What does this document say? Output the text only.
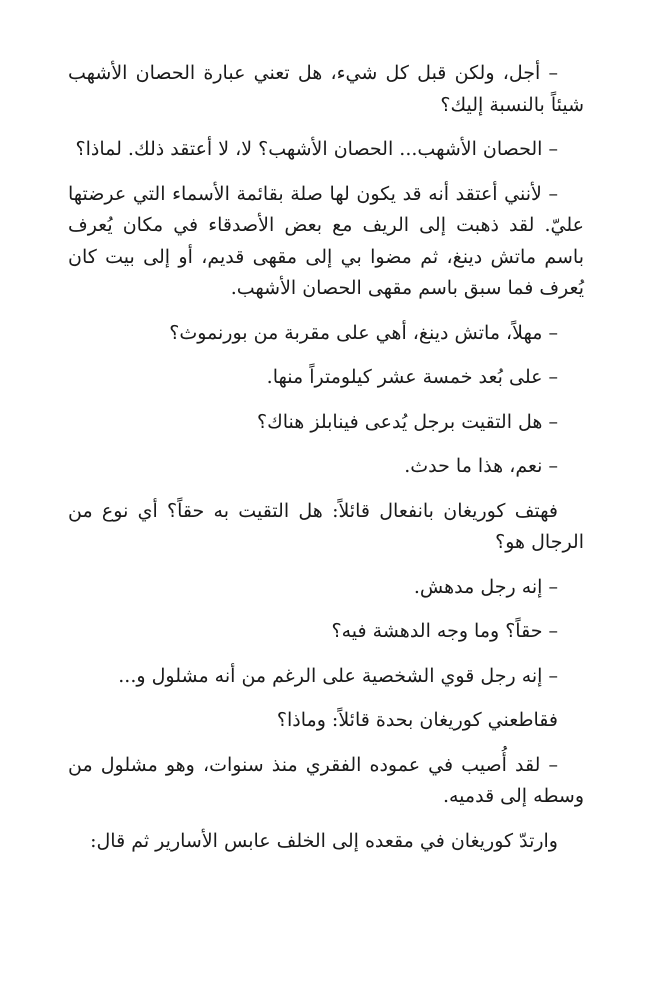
– أجل، ولكن قبل كل شيء، هل تعني عبارة الحصان الأشهب شيئاً بالنسبة إليك؟

– الحصان الأشهب... الحصان الأشهب؟ لا، لا أعتقد ذلك. لماذا؟

– لأنني أعتقد أنه قد يكون لها صلة بقائمة الأسماء التي عرضتها عليّ. لقد ذهبت إلى الريف مع بعض الأصدقاء في مكان يُعرف باسم ماتش دينغ، ثم مضوا بي إلى مقهى قديم، أو إلى بيت كان يُعرف فما سبق باسم مقهى الحصان الأشهب.

– مهلاً، ماتش دينغ، أهي على مقربة من بورنموث؟

– على بُعد خمسة عشر كيلومتراً منها.

– هل التقيت برجل يُدعى فينابلز هناك؟

– نعم، هذا ما حدث.

فهتف كوريغان بانفعال قائلاً: هل التقيت به حقاً؟ أي نوع من الرجال هو؟

– إنه رجل مدهش.

– حقاً؟ وما وجه الدهشة فيه؟

– إنه رجل قوي الشخصية على الرغم من أنه مشلول و...

فقاطعني كوريغان بحدة قائلاً: وماذا؟

– لقد أُصيب في عموده الفقري منذ سنوات، وهو مشلول من وسطه إلى قدميه.

وارتدّ كوريغان في مقعده إلى الخلف عابس الأسارير ثم قال:
